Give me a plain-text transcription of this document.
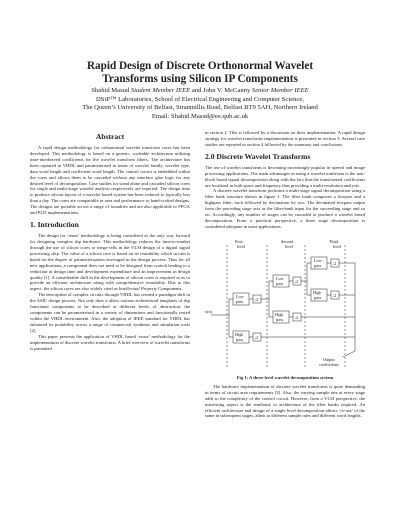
Rapid Design of Discrete Orthonormal Wavelet
Transforms using Silicon IP Components
Shahid Masud Student Member IEEE and John V. McCanny Senior Member IEEE
DSiP™ Laboratories, School of Electrical Engineering and Computer Science,
The Queen’s University of Belfast, Stranmillis Road, Belfast BT9 5AH, Northern Ireland
Email: Shahid.Masud@ee.qub.ac.uk
Abstract

A rapid design methodology for orthonormal wavelet transform cores has been developed. This methodology is based on a generic, scaleable architecture utilising time-interleaved coefficients for the wavelet transform filters. The architecture has been captured in VHDL and parameterised in terms of wavelet family, wavelet type, data word length and coefficient word length. The control circuit is embedded within the cores and allows them to be cascaded without any interface glue logic for any desired level of decomposition. Case studies for stand alone and cascaded silicon cores for single and multi-stage wavelet analysis respectively are reported. The design time to produce silicon layout of a wavelet based system has been reduced to typically less than a day. The cores are comparable in area and performance to hand-crafted designs. The designs are portable across a range of foundries and are also applicable to FPGA and PLD implementations.

1. Introduction

The design for ‘reuse’ methodology is being considered as the only way forward for designing complex dsp hardware. This methodology reduces the time-to-market through the use of silicon cores or mega-cells in the VLSI design of a digital signal processing chip. The value of a silicon core is based on its reusability which in turn is based on the degree of parameterisation envisaged in the design process. Thus for all new applications, a component does not need to be designed from scratch leading to a reduction in design time and development expenditure and an improvement in design quality [1]. A considerable skill in the development of silicon cores is required so as to provide an efficient architecture along with comprehensive reusability. Due to this aspect, the silicon cores are also widely cited as Intellectual Property Components.

The description of complex circuits through VHDL has created a paradigm shift in the ASIC design process. Not only does it allow various architectural templates of dsp functional components to be described at different levels of abstraction, the components can be parameterised in a variety of dimensions and functionally tested within the VHDL environment. Also, the adoption of IEEE standard for VHDL has enhanced its portability across a range of commercial synthesis and simulation tools [2].

This paper presents the application of VHDL based ‘reuse’ methodology for the implementation of discrete wavelet transforms. A brief overview of wavelet transforms is presented

in section 2. This is followed by a discussion on their implementation. A rapid design strategy for wavelet transforms implementation is presented in section 3. Several case studies are reported in section 4 followed by the summary and conclusions.

2.0 Discrete Wavelet Transforms

The use of wavelet transforms is becoming increasingly popular in speech and image processing applications. The main advantages in using a wavelet transform is the non-block based signal decomposition along with the fact that the transformed coefficients are localized in both space and frequency thus providing a multi-resolution analysis.

A discrete wavelet transform performs a multi-stage signal decomposition using a filter bank structure shown in figure 1. The filter bank comprises a lowpass and a highpass filter, each followed by decimation by two. The decimated lowpass output from the preceding stage acts as the filter-bank input for the succeeding stage and so on. Accordingly, any number of stages can be cascaded to produce a wavelet based decomposition. From a practical perspective, a three stage decomposition is considered adequate in most applications.

First
level
Second
level
Third
level
x(n)
Low
pass
High
pass
↓2
↓2
Low
pass
High
pass
↓2
↓2
Low
pass
High
pass
↓2
↓2
Output
coefficients
Fig 1: A three level wavelet decomposition system

The hardware implementation of discrete wavelet transforms is quite demanding in terms of circuit area requirements [3]. Also, the varying sample rate at every stage adds to the complexity of the control circuit. However, from a VLSI perspective, the interesting aspect is the similarity in architecture of the filter banks required. An efficient architecture and design of a single level decomposition allows ‘re-use’ of the same in subsequent stages, albeit at different sample rates and different word lengths.
